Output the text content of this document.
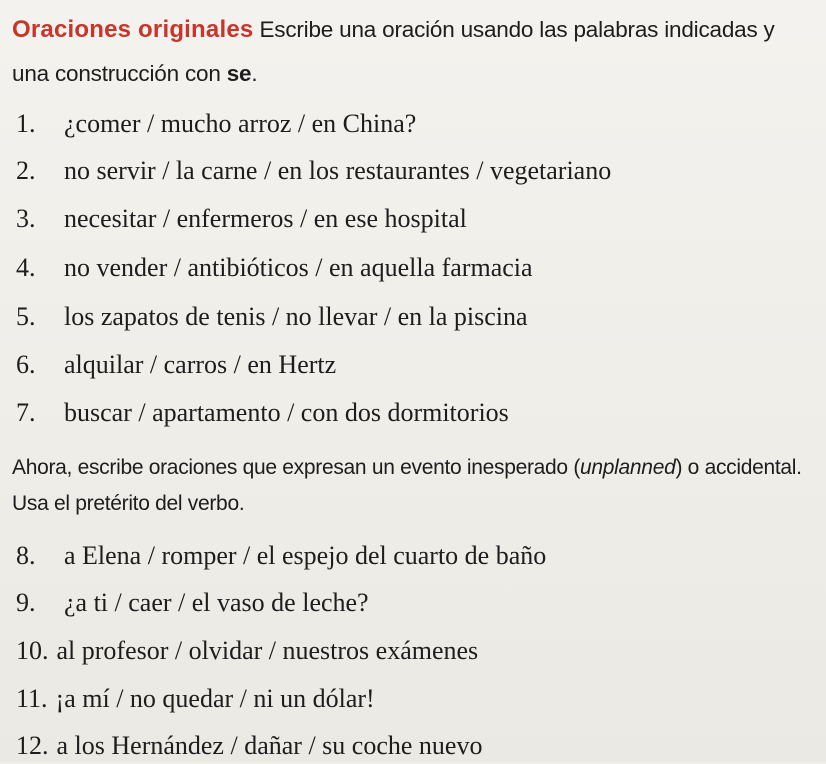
Oraciones originales Escribe una oración usando las palabras indicadas y una construcción con se.
1. ¿comer / mucho arroz / en China?
2. no servir / la carne / en los restaurantes / vegetariano
3. necesitar / enfermeros / en ese hospital
4. no vender / antibióticos / en aquella farmacia
5. los zapatos de tenis / no llevar / en la piscina
6. alquilar / carros / en Hertz
7. buscar / apartamento / con dos dormitorios
Ahora, escribe oraciones que expresan un evento inesperado (unplanned) o accidental. Usa el pretérito del verbo.
8. a Elena / romper / el espejo del cuarto de baño
9. ¿a ti / caer / el vaso de leche?
10. al profesor / olvidar / nuestros exámenes
11. ¡a mí / no quedar / ni un dólar!
12. a los Hernández / dañar / su coche nuevo
